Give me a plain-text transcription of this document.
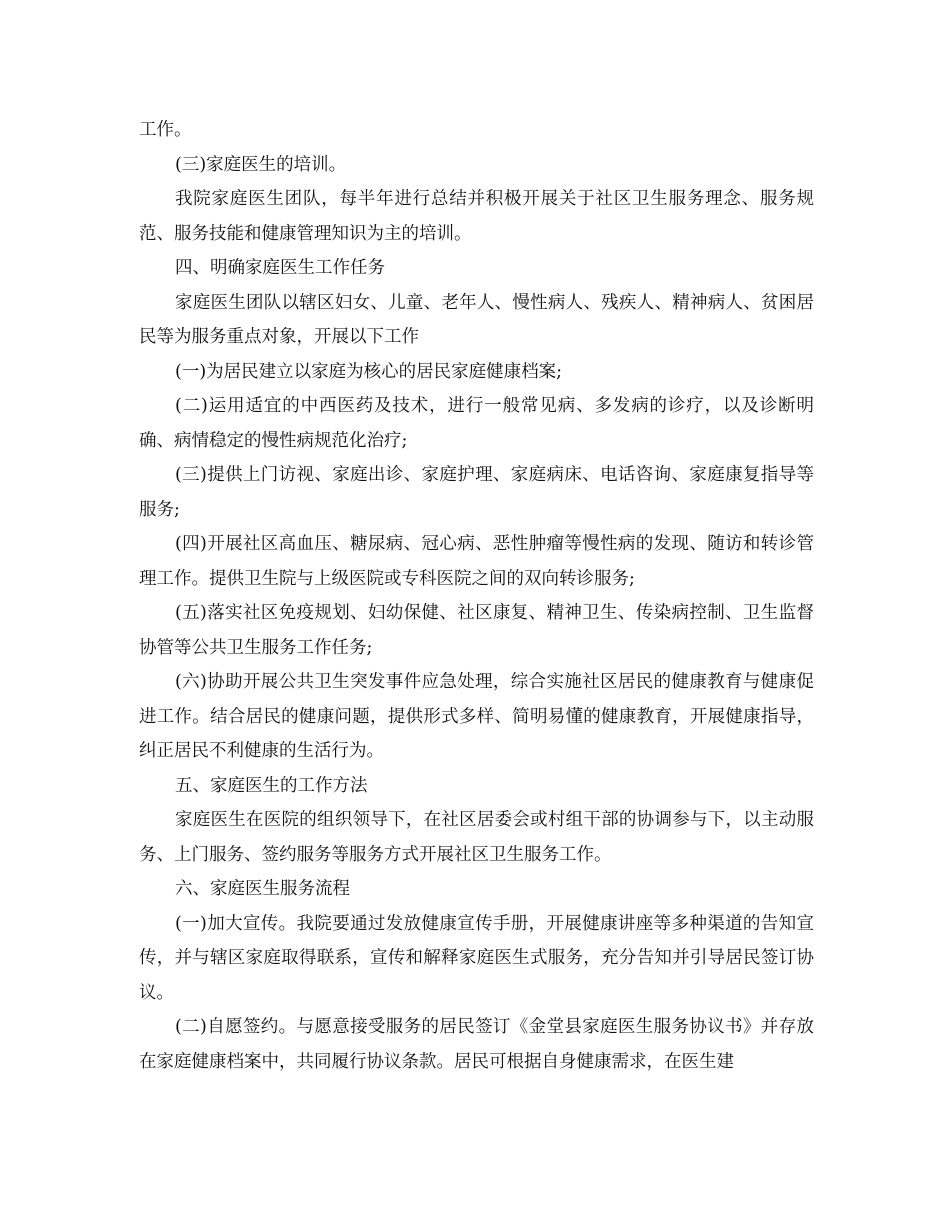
工作。

(三)家庭医生的培训。

我院家庭医生团队，每半年进行总结并积极开展关于社区卫生服务理念、服务规范、服务技能和健康管理知识为主的培训。

四、明确家庭医生工作任务

家庭医生团队以辖区妇女、儿童、老年人、慢性病人、残疾人、精神病人、贫困居民等为服务重点对象，开展以下工作

(一)为居民建立以家庭为核心的居民家庭健康档案;

(二)运用适宜的中西医药及技术，进行一般常见病、多发病的诊疗，以及诊断明确、病情稳定的慢性病规范化治疗;

(三)提供上门访视、家庭出诊、家庭护理、家庭病床、电话咨询、家庭康复指导等服务;

(四)开展社区高血压、糖尿病、冠心病、恶性肿瘤等慢性病的发现、随访和转诊管理工作。提供卫生院与上级医院或专科医院之间的双向转诊服务;

(五)落实社区免疫规划、妇幼保健、社区康复、精神卫生、传染病控制、卫生监督协管等公共卫生服务工作任务;

(六)协助开展公共卫生突发事件应急处理，综合实施社区居民的健康教育与健康促进工作。结合居民的健康问题，提供形式多样、简明易懂的健康教育，开展健康指导，纠正居民不利健康的生活行为。

五、家庭医生的工作方法

家庭医生在医院的组织领导下，在社区居委会或村组干部的协调参与下，以主动服务、上门服务、签约服务等服务方式开展社区卫生服务工作。

六、家庭医生服务流程

(一)加大宣传。我院要通过发放健康宣传手册，开展健康讲座等多种渠道的告知宣传，并与辖区家庭取得联系，宣传和解释家庭医生式服务，充分告知并引导居民签订协议。

(二)自愿签约。与愿意接受服务的居民签订《金堂县家庭医生服务协议书》并存放在家庭健康档案中，共同履行协议条款。居民可根据自身健康需求，在医生建
